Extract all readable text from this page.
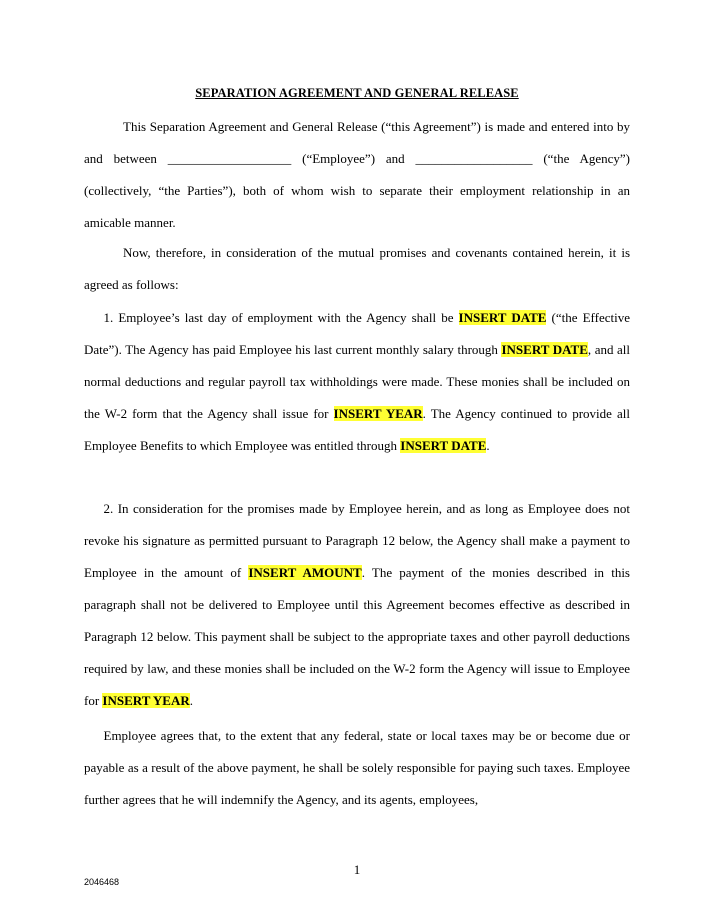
SEPARATION AGREEMENT AND GENERAL RELEASE
   This Separation Agreement and General Release (“this Agreement”) is made and entered into by and between ___________________ (“Employee”) and __________________ (“the Agency”) (collectively, “the Parties”), both of whom wish to separate their employment relationship in an amicable manner.
   Now, therefore, in consideration of the mutual promises and covenants contained herein, it is agreed as follows:
  1. Employee’s last day of employment with the Agency shall be INSERT DATE (“the Effective Date”). The Agency has paid Employee his last current monthly salary through INSERT DATE, and all normal deductions and regular payroll tax withholdings were made. These monies shall be included on the W-2 form that the Agency shall issue for INSERT YEAR. The Agency continued to provide all Employee Benefits to which Employee was entitled through INSERT DATE.
  2. In consideration for the promises made by Employee herein, and as long as Employee does not revoke his signature as permitted pursuant to Paragraph 12 below, the Agency shall make a payment to Employee in the amount of INSERT AMOUNT. The payment of the monies described in this paragraph shall not be delivered to Employee until this Agreement becomes effective as described in Paragraph 12 below. This payment shall be subject to the appropriate taxes and other payroll deductions required by law, and these monies shall be included on the W-2 form the Agency will issue to Employee for INSERT YEAR.
  Employee agrees that, to the extent that any federal, state or local taxes may be or become due or payable as a result of the above payment, he shall be solely responsible for paying such taxes. Employee further agrees that he will indemnify the Agency, and its agents, employees,
1
2046468
